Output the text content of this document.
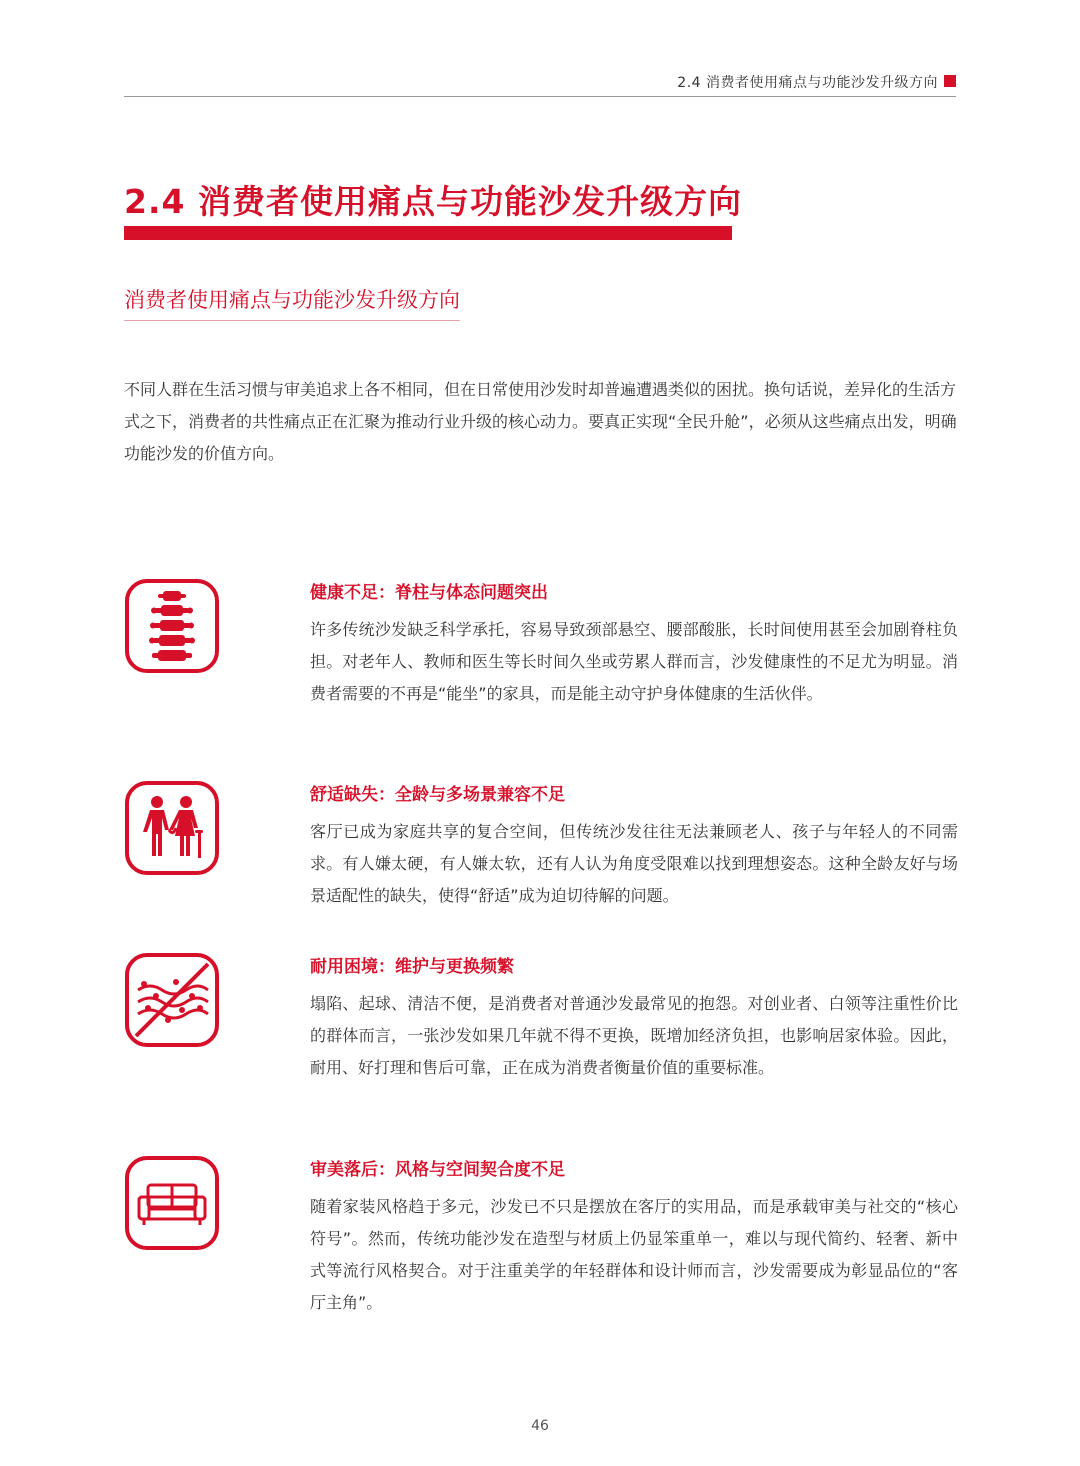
2.4 消费者使用痛点与功能沙发升级方向
2.4 消费者使用痛点与功能沙发升级方向
消费者使用痛点与功能沙发升级方向
不同人群在生活习惯与审美追求上各不相同，但在日常使用沙发时却普遍遭遇类似的困扰。换句话说，差异化的生活方式之下，消费者的共性痛点正在汇聚为推动行业升级的核心动力。要真正实现“全民升舱”，必须从这些痛点出发，明确功能沙发的价值方向。
健康不足：脊柱与体态问题突出
许多传统沙发缺乏科学承托，容易导致颈部悬空、腰部酸胀，长时间使用甚至会加剧脊柱负担。对老年人、教师和医生等长时间久坐或劳累人群而言，沙发健康性的不足尤为明显。消费者需要的不再是“能坐”的家具，而是能主动守护身体健康的生活伙伴。
舒适缺失：全龄与多场景兼容不足
客厅已成为家庭共享的复合空间，但传统沙发往往无法兼顾老人、孩子与年轻人的不同需求。有人嫌太硬，有人嫌太软，还有人认为角度受限难以找到理想姿态。这种全龄友好与场景适配性的缺失，使得“舒适”成为迫切待解的问题。
耐用困境：维护与更换频繁
塌陷、起球、清洁不便，是消费者对普通沙发最常见的抱怨。对创业者、白领等注重性价比的群体而言，一张沙发如果几年就不得不更换，既增加经济负担，也影响居家体验。因此，耐用、好打理和售后可靠，正在成为消费者衡量价值的重要标准。
审美落后：风格与空间契合度不足
随着家装风格趋于多元，沙发已不只是摆放在客厅的实用品，而是承载审美与社交的“核心符号”。然而，传统功能沙发在造型与材质上仍显笨重单一，难以与现代简约、轻奢、新中式等流行风格契合。对于注重美学的年轻群体和设计师而言，沙发需要成为彰显品位的“客厅主角”。
46
